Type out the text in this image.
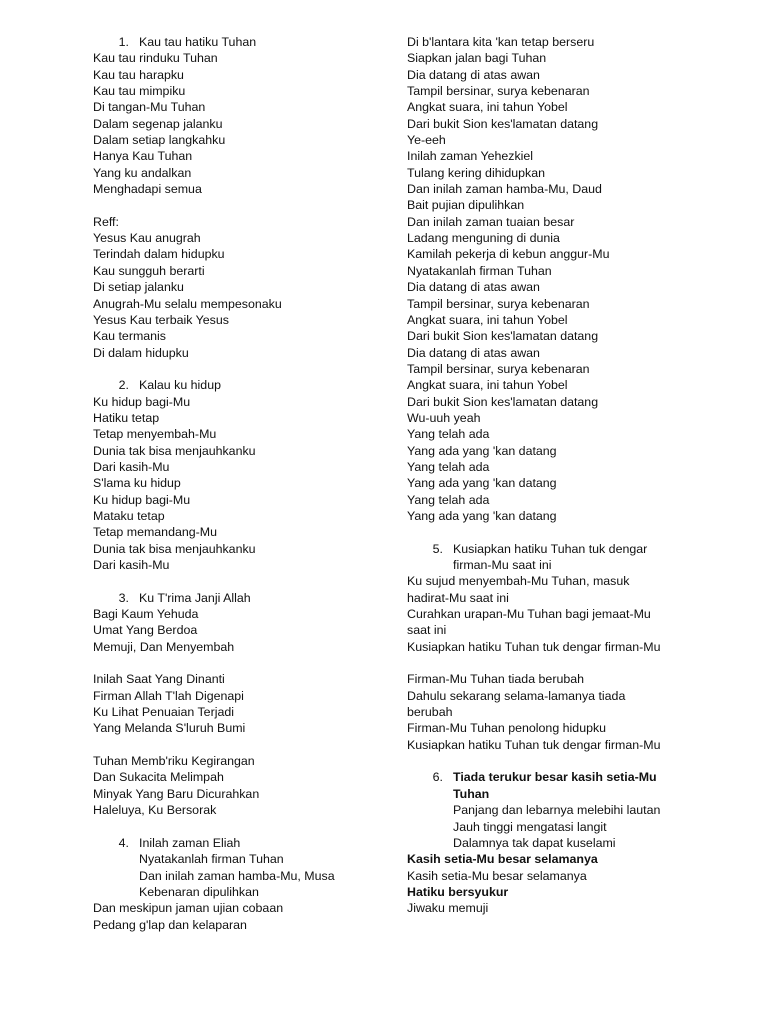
1. Kau tau hatiku Tuhan
Kau tau rinduku Tuhan
Kau tau harapku
Kau tau mimpiku
Di tangan-Mu Tuhan
Dalam segenap jalanku
Dalam setiap langkahku
Hanya Kau Tuhan
Yang ku andalkan
Menghadapi semua
Reff:
Yesus Kau anugrah
Terindah dalam hidupku
Kau sungguh berarti
Di setiap jalanku
Anugrah-Mu selalu mempesonaku
Yesus Kau terbaik Yesus
Kau termanis
Di dalam hidupku
2. Kalau ku hidup
Ku hidup bagi-Mu
Hatiku tetap
Tetap menyembah-Mu
Dunia tak bisa menjauhkanku
Dari kasih-Mu
S'lama ku hidup
Ku hidup bagi-Mu
Mataku tetap
Tetap memandang-Mu
Dunia tak bisa menjauhkanku
Dari kasih-Mu
3. Ku T'rima Janji Allah
Bagi Kaum Yehuda
Umat Yang Berdoa
Memuji, Dan Menyembah
Inilah Saat Yang Dinanti
Firman Allah T'lah Digenapi
Ku Lihat Penuaian Terjadi
Yang Melanda S'luruh Bumi
Tuhan Memb'riku Kegirangan
Dan Sukacita Melimpah
Minyak Yang Baru Dicurahkan
Haleluya, Ku Bersorak
4. Inilah zaman Eliah
Nyatakanlah firman Tuhan
Dan inilah zaman hamba-Mu, Musa
Kebenaran dipulihkan
Dan meskipun jaman ujian cobaan
Pedang g'lap dan kelaparan
Di b'lantara kita 'kan tetap berseru
Siapkan jalan bagi Tuhan
Dia datang di atas awan
Tampil bersinar, surya kebenaran
Angkat suara, ini tahun Yobel
Dari bukit Sion kes'lamatan datang
Ye-eeh
Inilah zaman Yehezkiel
Tulang kering dihidupkan
Dan inilah zaman hamba-Mu, Daud
Bait pujian dipulihkan
Dan inilah zaman tuaian besar
Ladang menguning di dunia
Kamilah pekerja di kebun anggur-Mu
Nyatakanlah firman Tuhan
Dia datang di atas awan
Tampil bersinar, surya kebenaran
Angkat suara, ini tahun Yobel
Dari bukit Sion kes'lamatan datang
Dia datang di atas awan
Tampil bersinar, surya kebenaran
Angkat suara, ini tahun Yobel
Dari bukit Sion kes'lamatan datang
Wu-uuh yeah
Yang telah ada
Yang ada yang 'kan datang
Yang telah ada
Yang ada yang 'kan datang
Yang telah ada
Yang ada yang 'kan datang
5. Kusiapkan hatiku Tuhan tuk dengar
firman-Mu saat ini
Ku sujud menyembah-Mu Tuhan, masuk
hadirat-Mu saat ini
Curahkan urapan-Mu Tuhan bagi jemaat-Mu
saat ini
Kusiapkan hatiku Tuhan tuk dengar firman-Mu
Firman-Mu Tuhan tiada berubah
Dahulu sekarang selama-lamanya tiada
berubah
Firman-Mu Tuhan penolong hidupku
Kusiapkan hatiku Tuhan tuk dengar firman-Mu
6. Tiada terukur besar kasih setia-Mu
Tuhan
Panjang dan lebarnya melebihi lautan
Jauh tinggi mengatasi langit
Dalamnya tak dapat kuselami
Kasih setia-Mu besar selamanya
Kasih setia-Mu besar selamanya
Hatiku bersyukur
Jiwaku memuji
